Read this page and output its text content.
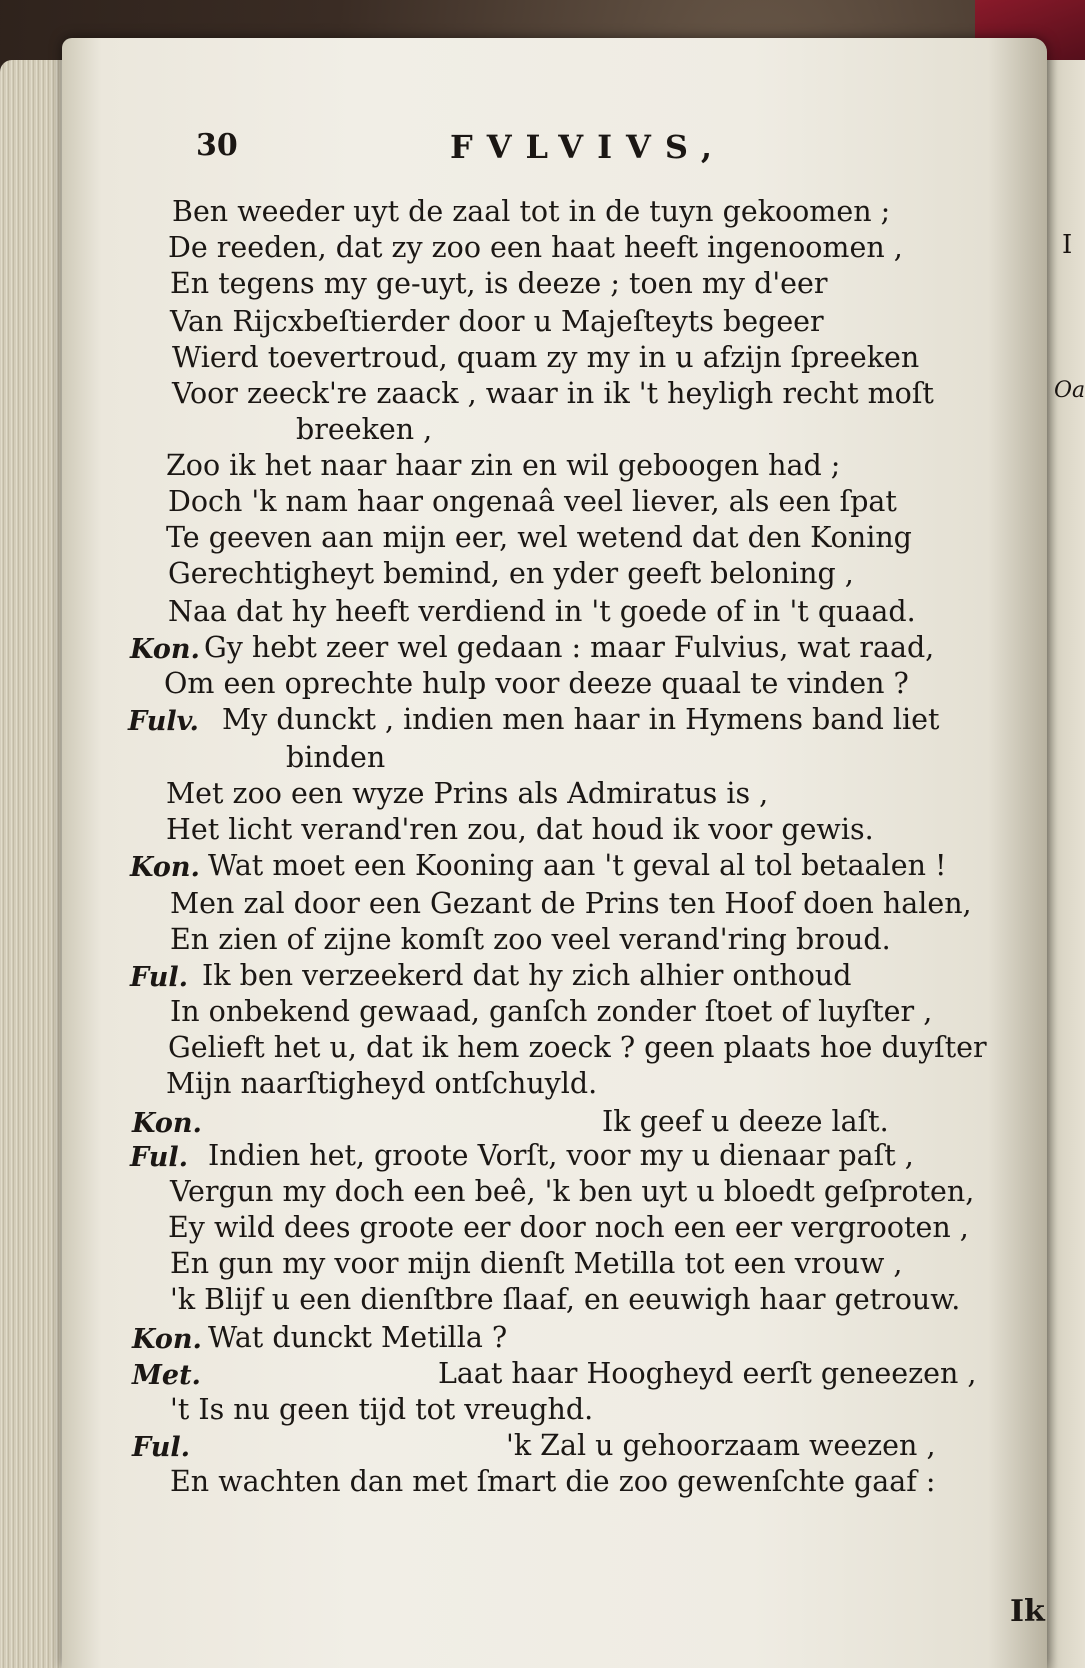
I
Oa
30	FVLVIVS,
Ben weeder uyt de zaal tot in de tuyn gekoomen ;
De reeden, dat zy zoo een haat heeft ingenoomen ,
En tegens my ge-uyt, is deeze ; toen my d'eer
Van Rijcxbeſtierder door u Majeſteyts begeer
Wierd toevertroud, quam zy my in u afzijn ſpreeken
Voor zeeck're zaack , waar in ik 't heyligh recht moſt
breeken ,
Zoo ik het naar haar zin en wil geboogen had ;
Doch 'k nam haar ongenaâ veel liever, als een ſpat
Te geeven aan mijn eer, wel wetend dat den Koning
Gerechtigheyt bemind, en yder geeft beloning ,
Naa dat hy heeft verdiend in 't goede of in 't quaad.
Kon. Gy hebt zeer wel gedaan : maar Fulvius, wat raad,
Om een oprechte hulp voor deeze quaal te vinden ?
Fulv. My dunckt , indien men haar in Hymens band liet
binden
Met zoo een wyze Prins als Admiratus is ,
Het licht verand'ren zou, dat houd ik voor gewis.
Kon. Wat moet een Kooning aan 't geval al tol betaalen !
Men zal door een Gezant de Prins ten Hoof doen halen,
En zien of zijne komſt zoo veel verand'ring broud.
Ful. Ik ben verzeekerd dat hy zich alhier onthoud
In onbekend gewaad, ganſch zonder ſtoet of luyſter ,
Gelieft het u, dat ik hem zoeck ? geen plaats hoe duyſter
Mijn naarſtigheyd ontſchuyld.
Kon.	Ik geef u deeze laſt.
Ful. Indien het, groote Vorſt, voor my u dienaar paſt ,
Vergun my doch een beê, 'k ben uyt u bloedt geſproten,
Ey wild dees groote eer door noch een eer vergrooten ,
En gun my voor mijn dienſt Metilla tot een vrouw ,
'k Blijf u een dienſtbre ſlaaf, en eeuwigh haar getrouw.
Kon. Wat dunckt Metilla ?
Met.	Laat haar Hoogheyd eerſt geneezen ,
't Is nu geen tijd tot vreughd.
Ful.	'k Zal u gehoorzaam weezen ,
En wachten dan met ſmart die zoo gewenſchte gaaf :
Ik
